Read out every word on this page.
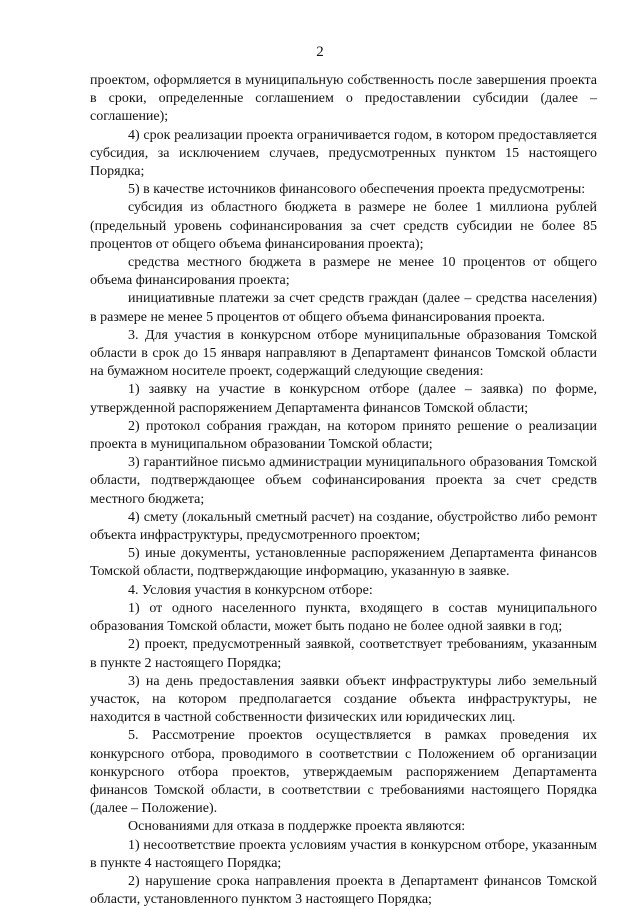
2

проектом, оформляется в муниципальную собственность после завершения проекта в сроки, определенные соглашением о предоставлении субсидии (далее – соглашение);

4) срок реализации проекта ограничивается годом, в котором предоставляется субсидия, за исключением случаев, предусмотренных пунктом 15 настоящего Порядка;

5) в качестве источников финансового обеспечения проекта предусмотрены:

субсидия из областного бюджета в размере не более 1 миллиона рублей (предельный уровень софинансирования за счет средств субсидии не более 85 процентов от общего объема финансирования проекта);

средства местного бюджета в размере не менее 10 процентов от общего объема финансирования проекта;

инициативные платежи за счет средств граждан (далее – средства населения) в размере не менее 5 процентов от общего объема финансирования проекта.

3. Для участия в конкурсном отборе муниципальные образования Томской области в срок до 15 января направляют в Департамент финансов Томской области на бумажном носителе проект, содержащий следующие сведения:

1) заявку на участие в конкурсном отборе (далее – заявка) по форме, утвержденной распоряжением Департамента финансов Томской области;

2) протокол собрания граждан, на котором принято решение о реализации проекта в муниципальном образовании Томской области;

3) гарантийное письмо администрации муниципального образования Томской области, подтверждающее объем софинансирования проекта за счет средств местного бюджета;

4) смету (локальный сметный расчет) на создание, обустройство либо ремонт объекта инфраструктуры, предусмотренного проектом;

5) иные документы, установленные распоряжением Департамента финансов Томской области, подтверждающие информацию, указанную в заявке.

4. Условия участия в конкурсном отборе:

1) от одного населенного пункта, входящего в состав муниципального образования Томской области, может быть подано не более одной заявки в год;

2) проект, предусмотренный заявкой, соответствует требованиям, указанным в пункте 2 настоящего Порядка;

3) на день предоставления заявки объект инфраструктуры либо земельный участок, на котором предполагается создание объекта инфраструктуры, не находится в частной собственности физических или юридических лиц.

5. Рассмотрение проектов осуществляется в рамках проведения их конкурсного отбора, проводимого в соответствии с Положением об организации конкурсного отбора проектов, утверждаемым распоряжением Департамента финансов Томской области, в соответствии с требованиями настоящего Порядка (далее – Положение).

Основаниями для отказа в поддержке проекта являются:

1) несоответствие проекта условиям участия в конкурсном отборе, указанным в пункте 4 настоящего Порядка;

2) нарушение срока направления проекта в Департамент финансов Томской области, установленного пунктом 3 настоящего Порядка;
